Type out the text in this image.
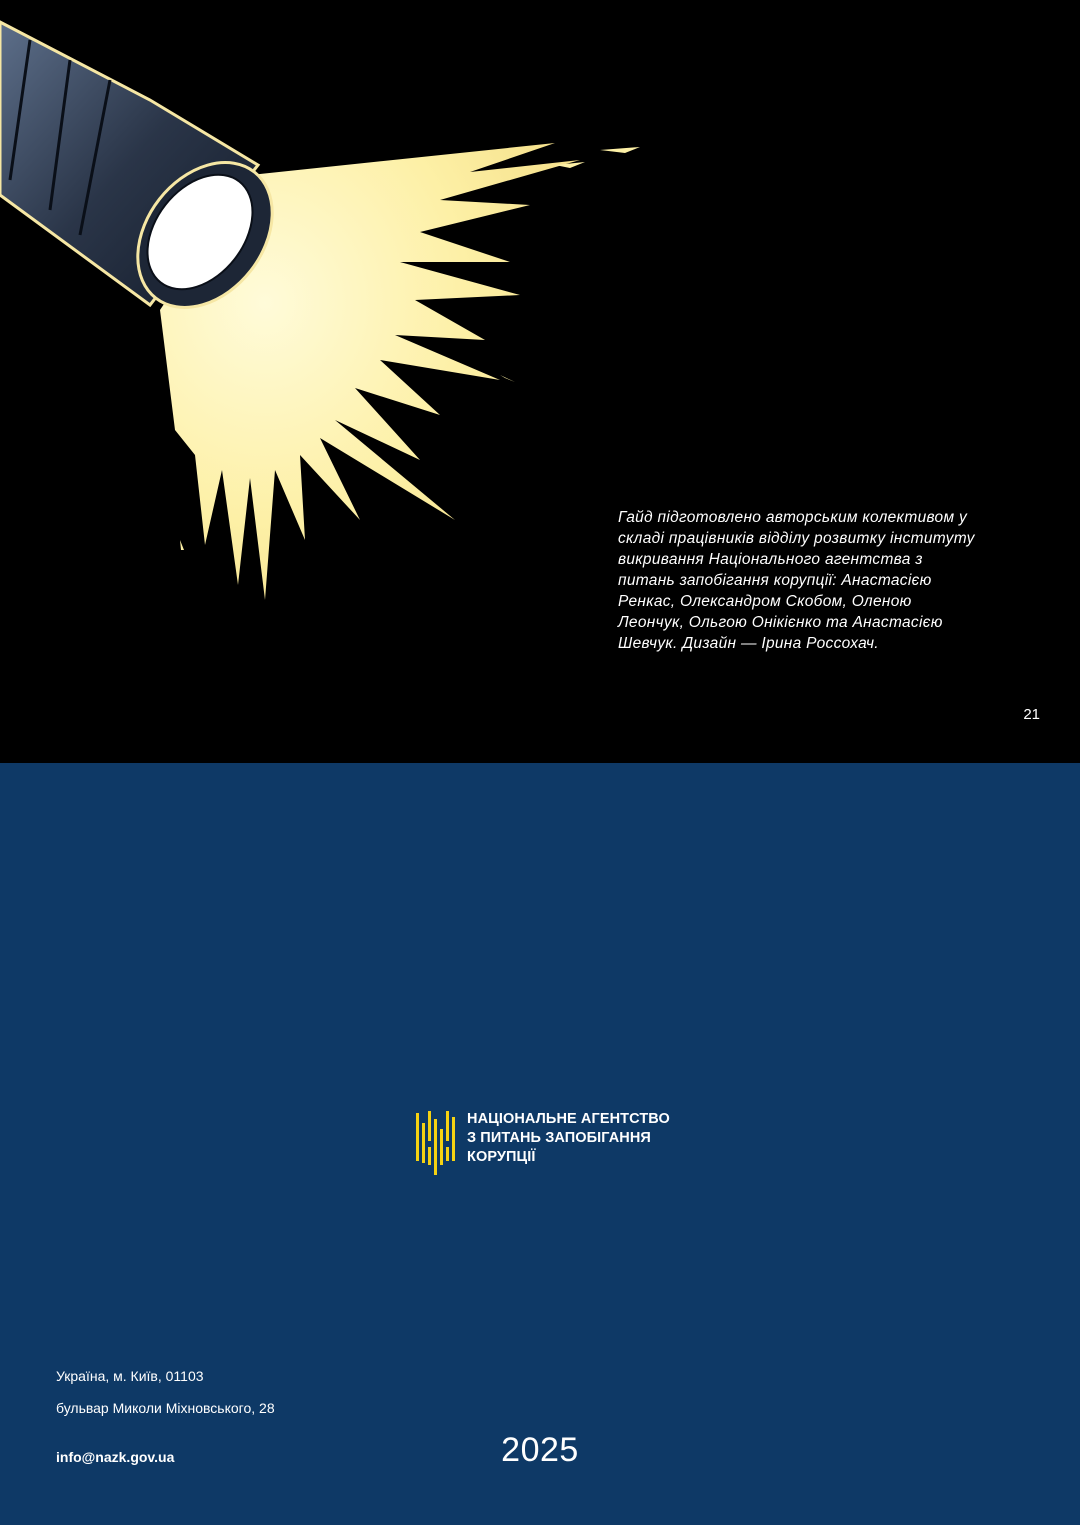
Гайд підготовлено авторським колективом у
складі працівників відділу розвитку інституту
викривання Національного агентства з
питань запобігання корупції: Анастасією
Ренкас, Олександром Скобом, Оленою
Леончук, Ольгою Онікієнко та Анастасією
Шевчук. Дизайн — Ірина Россохач.

21
НАЦІОНАЛЬНЕ АГЕНТСТВО
З ПИТАНЬ ЗАПОБІГАННЯ
КОРУПЦІЇ

Україна, м. Київ, 01103

бульвар Миколи Міхновського, 28

info@nazk.gov.ua	2025
